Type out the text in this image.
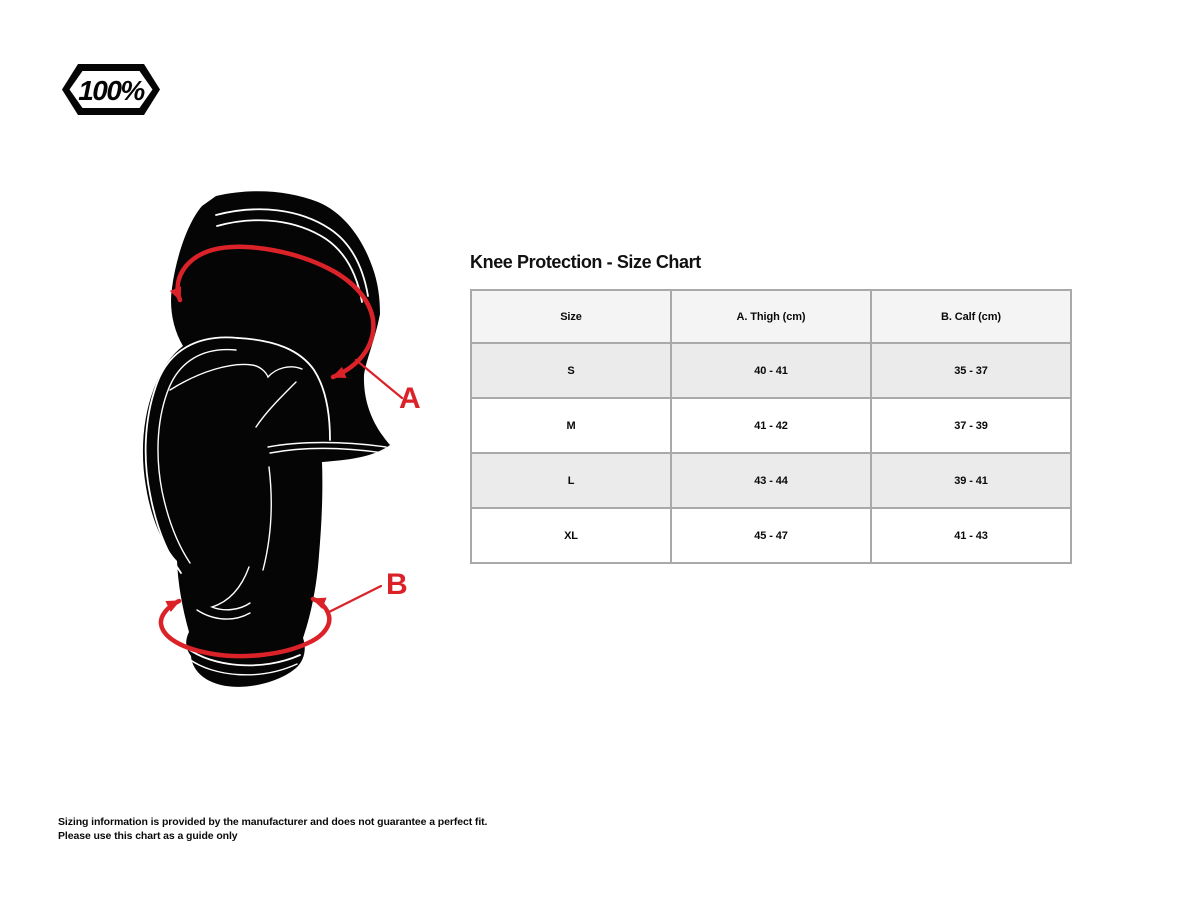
100%
A
B
Knee Protection - Size Chart
Size	A. Thigh (cm)	B. Calf (cm)
S	40 - 41	35 - 37
M	41 - 42	37 - 39
L	43 - 44	39 - 41
XL	45 - 47	41 - 43
Sizing information is provided by the manufacturer and does not guarantee a perfect fit.
Please use this chart as a guide only
